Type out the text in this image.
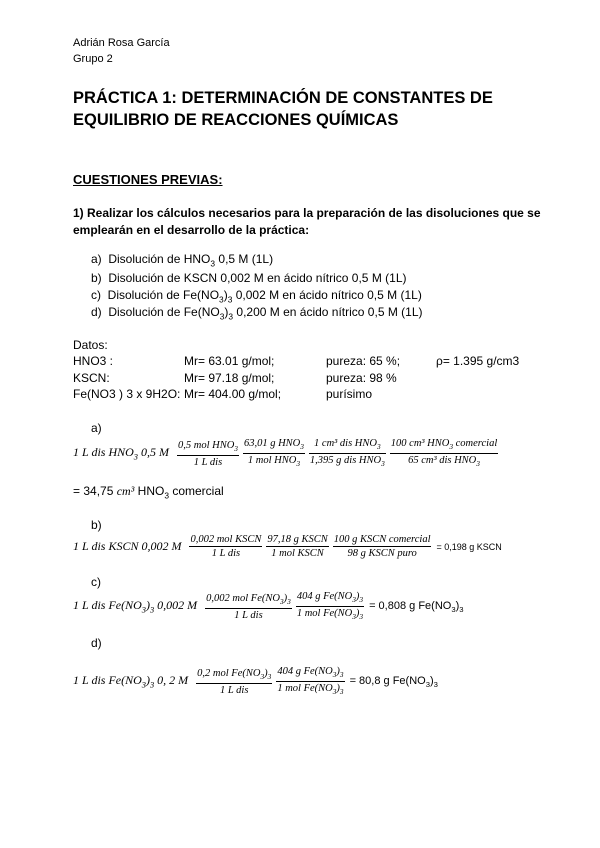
Adrián Rosa García
Grupo 2
PRÁCTICA 1: DETERMINACIÓN DE CONSTANTES DE
EQUILIBRIO DE REACCIONES QUÍMICAS
CUESTIONES PREVIAS:
1) Realizar los cálculos necesarios para la preparación de las disoluciones que se emplearán en el desarrollo de la práctica:
a) Disolución de $HNO_3$ 0,5 M (1L)
b) Disolución de KSCN 0,002 M en ácido nítrico 0,5 M (1L)
c) Disolución de $Fe(NO_3)_3$ 0,002 M en ácido nítrico 0,5 M (1L)
d) Disolución de $Fe(NO_3)_3$ 0,200 M en ácido nítrico 0,5 M (1L)
Datos:
HNO3 :	Mr= 63.01 g/mol;	pureza: 65 %;	ρ= 1.395 g/cm3
KSCN:	Mr= 97.18 g/mol;	pureza: 98 %
Fe(NO3 ) 3 x 9H2O: Mr= 404.00 g/mol;	purísimo
a)
1 L dis $HNO_3$ 0,5 M $\frac{0,5 mol HNO_3}{\text{1 L dis}} \frac{63,01 g HNO_3}{1 mol HNO_3} \frac{1 cm^3 dis HNO_3}{1,395 g dis HNO_3} \frac{100 cm^3 HNO_3 comercial}{65 cm^3 dis HNO_3}$
= 34,75 cm³ $HNO_3$ comercial
b)
1 L dis KSCN 0,002 M $\frac{\text{0,002 mol KSCN}}{\text{1 L dis}} \frac{\text{97,18 g KSCN}}{\text{1 mol KSCN}} \frac{\text{100 g KSCN comercial}}{\text{98 g KSCN puro}} = 0,198$ g KSCN
c)
1 L dis $Fe(NO_3)_3$ 0,002 M $\frac{0,002 mol Fe(NO_3)_3}{\text{1 L dis}} \frac{404 g Fe(NO_3)_3}{1 mol Fe(NO_3)_3} = 0,808$ g $Fe(NO_3)_3$
d)
1 L dis $Fe(NO_3)_3$ 0, 2 M $\frac{0,2 mol Fe(NO_3)_3}{\text{1 L dis}} \frac{404 g Fe(NO_3)_3}{1 mol Fe(NO_3)_3} = 80,8$ g $Fe(NO_3)_3$
